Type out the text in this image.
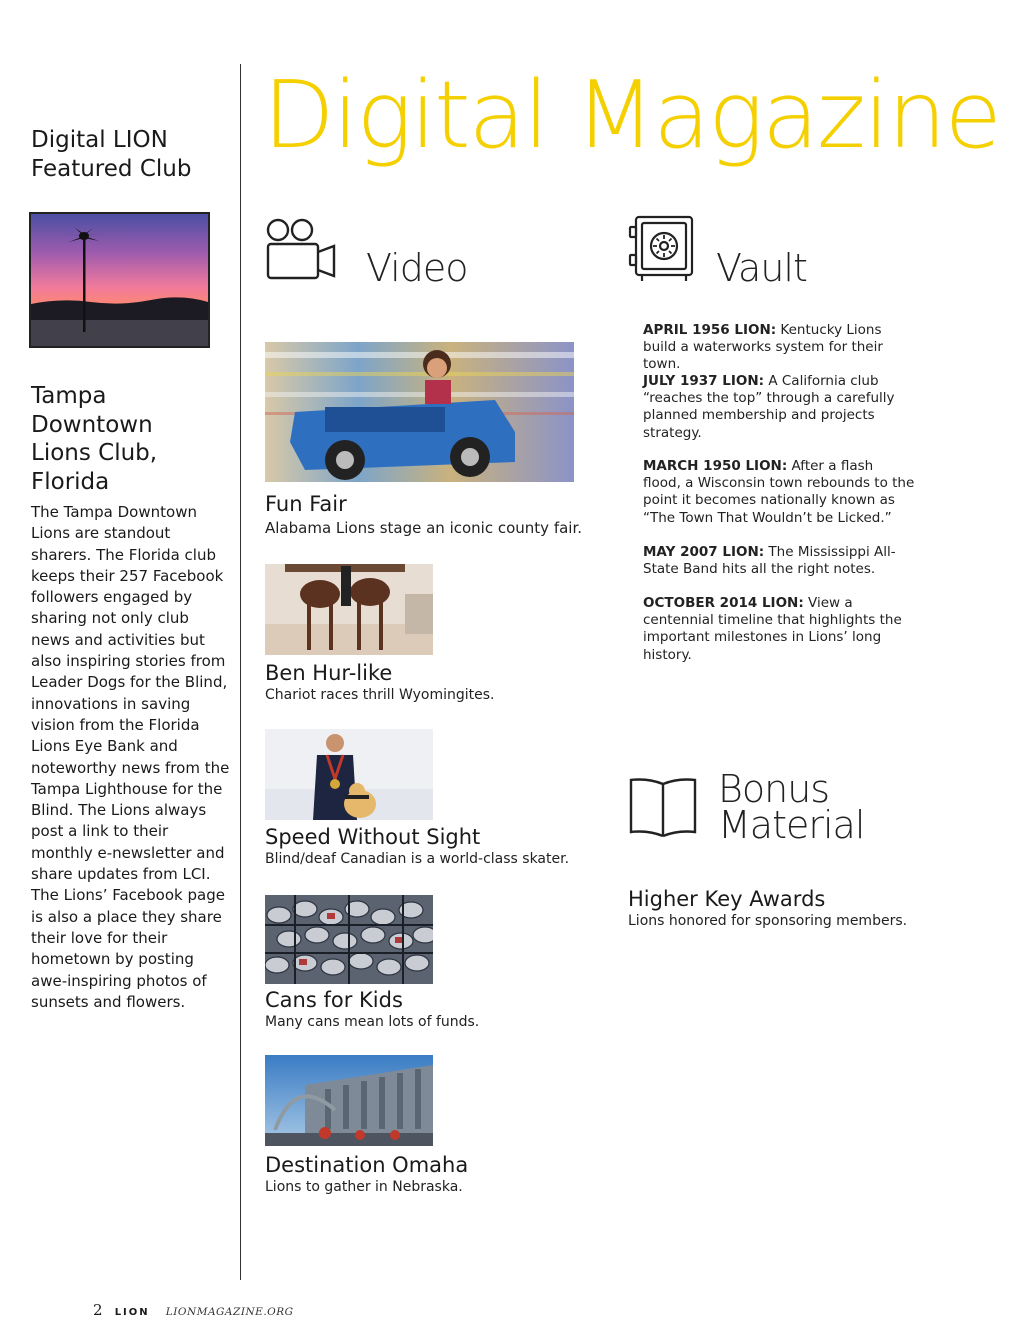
Digital LION
Featured Club
Tampa
Downtown
Lions Club,
Florida
The Tampa Downtown Lions are standout sharers. The Florida club keeps their 257 Facebook followers engaged by sharing not only club news and activities but also inspiring stories from Leader Dogs for the Blind, innovations in saving vision from the Florida Lions Eye Bank and noteworthy news from the Tampa Lighthouse for the Blind. The Lions always post a link to their monthly e-newsletter and share updates from LCI. The Lions’ Facebook page is also a place they share their love for their hometown by posting awe-inspiring photos of sunsets and flowers.
Digital Magazine
Video
Fun Fair
Alabama Lions stage an iconic county fair.
Ben Hur-like
Chariot races thrill Wyomingites.
Speed Without Sight
Blind/deaf Canadian is a world-class skater.
Cans for Kids
Many cans mean lots of funds.
Destination Omaha
Lions to gather in Nebraska.
Vault
APRIL 1956 LION: Kentucky Lions build a waterworks system for their town.
JULY 1937 LION: A California club “reaches the top” through a carefully planned membership and projects strategy.
MARCH 1950 LION: After a flash flood, a Wisconsin town rebounds to the point it becomes nationally known as “The Town That Wouldn’t be Licked.”
MAY 2007 LION: The Mississippi All-State Band hits all the right notes.
OCTOBER 2014 LION: View a centennial timeline that highlights the important milestones in Lions’ long history.
Bonus
Material
Higher Key Awards
Lions honored for sponsoring members.
2 LION LIONMAGAZINE.ORG
